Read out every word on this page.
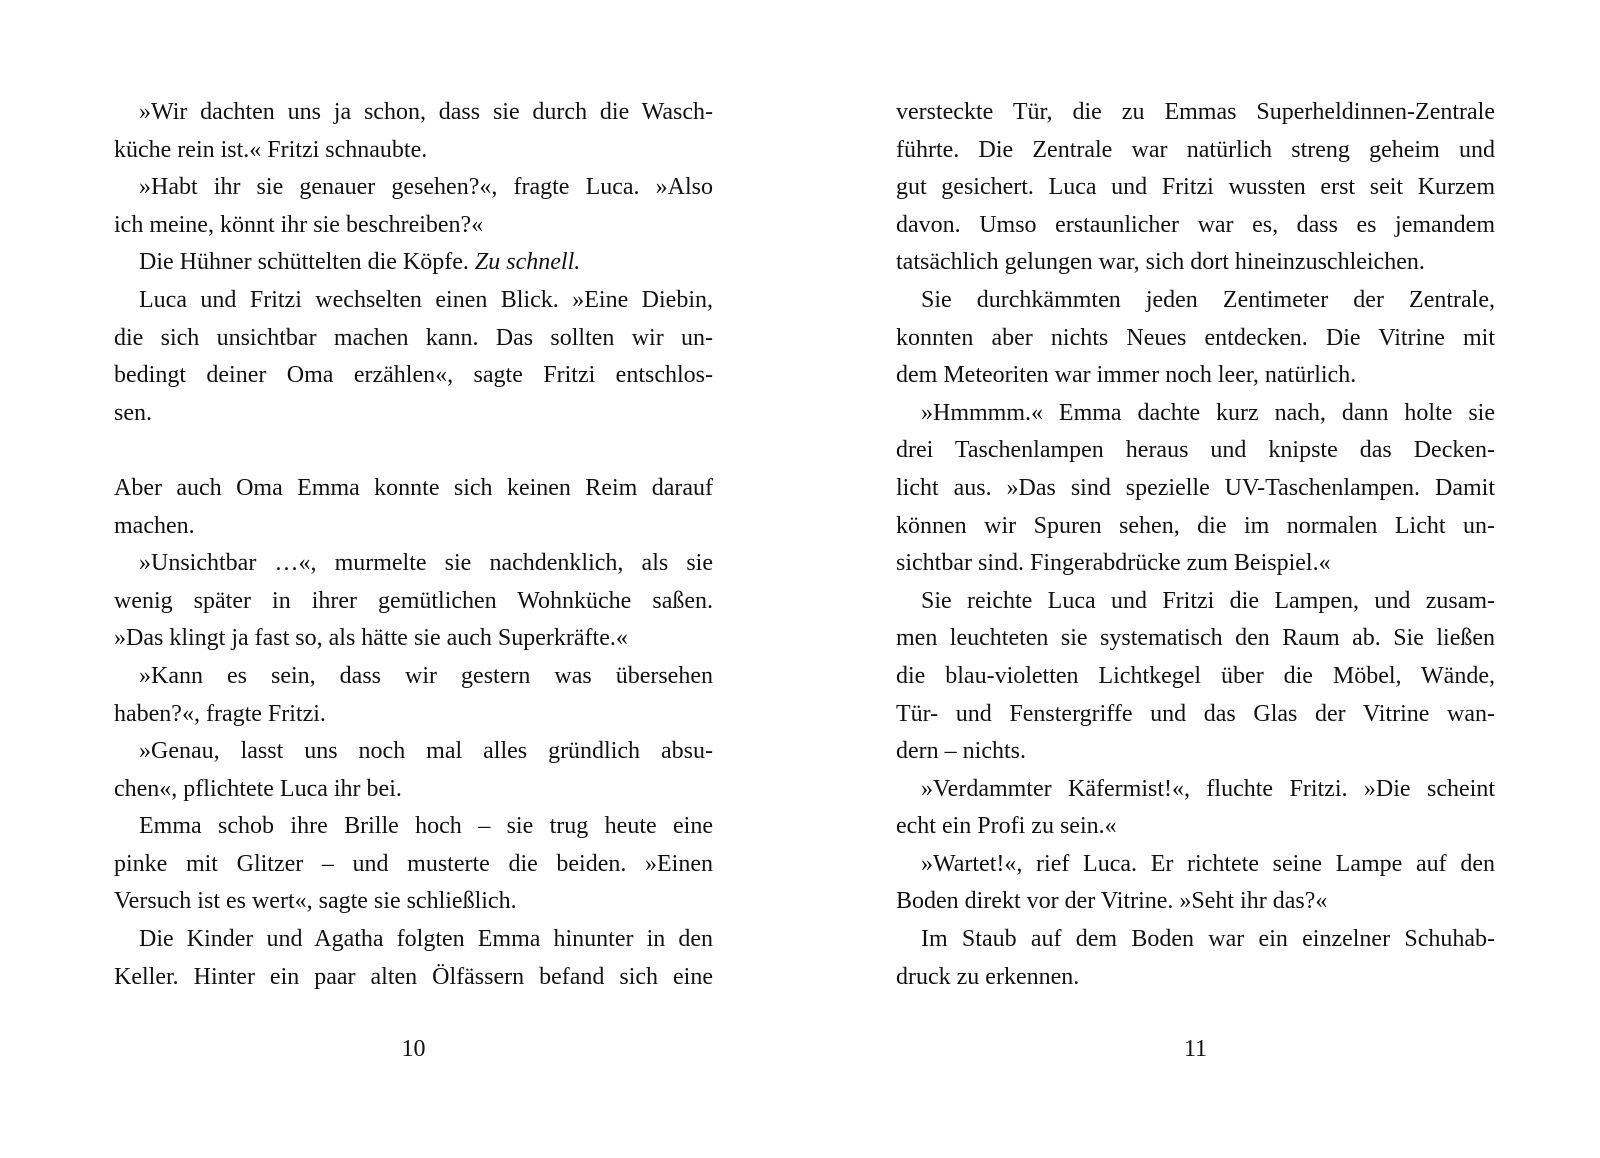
»Wir dachten uns ja schon, dass sie durch die Wasch-
küche rein ist.« Fritzi schnaubte.
»Habt ihr sie genauer gesehen?«, fragte Luca. »Also
ich meine, könnt ihr sie beschreiben?«
Die Hühner schüttelten die Köpfe. Zu schnell.
Luca und Fritzi wechselten einen Blick. »Eine Diebin,
die sich unsichtbar machen kann. Das sollten wir un-
bedingt deiner Oma erzählen«, sagte Fritzi entschlos-
sen.
Aber auch Oma Emma konnte sich keinen Reim darauf
machen.
»Unsichtbar …«, murmelte sie nachdenklich, als sie
wenig später in ihrer gemütlichen Wohnküche saßen.
»Das klingt ja fast so, als hätte sie auch Superkräfte.«
»Kann es sein, dass wir gestern was übersehen
haben?«, fragte Fritzi.
»Genau, lasst uns noch mal alles gründlich absu-
chen«, pflichtete Luca ihr bei.
Emma schob ihre Brille hoch – sie trug heute eine
pinke mit Glitzer – und musterte die beiden. »Einen
Versuch ist es wert«, sagte sie schließlich.
Die Kinder und Agatha folgten Emma hinunter in den
Keller. Hinter ein paar alten Ölfässern befand sich eine
10
versteckte Tür, die zu Emmas Superheldinnen-Zentrale
führte. Die Zentrale war natürlich streng geheim und
gut gesichert. Luca und Fritzi wussten erst seit Kurzem
davon. Umso erstaunlicher war es, dass es jemandem
tatsächlich gelungen war, sich dort hineinzuschleichen.
Sie durchkämmten jeden Zentimeter der Zentrale,
konnten aber nichts Neues entdecken. Die Vitrine mit
dem Meteoriten war immer noch leer, natürlich.
»Hmmmm.« Emma dachte kurz nach, dann holte sie
drei Taschenlampen heraus und knipste das Decken-
licht aus. »Das sind spezielle UV-Taschenlampen. Damit
können wir Spuren sehen, die im normalen Licht un-
sichtbar sind. Fingerabdrücke zum Beispiel.«
Sie reichte Luca und Fritzi die Lampen, und zusam-
men leuchteten sie systematisch den Raum ab. Sie ließen
die blau-violetten Lichtkegel über die Möbel, Wände,
Tür- und Fenstergriffe und das Glas der Vitrine wan-
dern – nichts.
»Verdammter Käfermist!«, fluchte Fritzi. »Die scheint
echt ein Profi zu sein.«
»Wartet!«, rief Luca. Er richtete seine Lampe auf den
Boden direkt vor der Vitrine. »Seht ihr das?«
Im Staub auf dem Boden war ein einzelner Schuhab-
druck zu erkennen.
11
